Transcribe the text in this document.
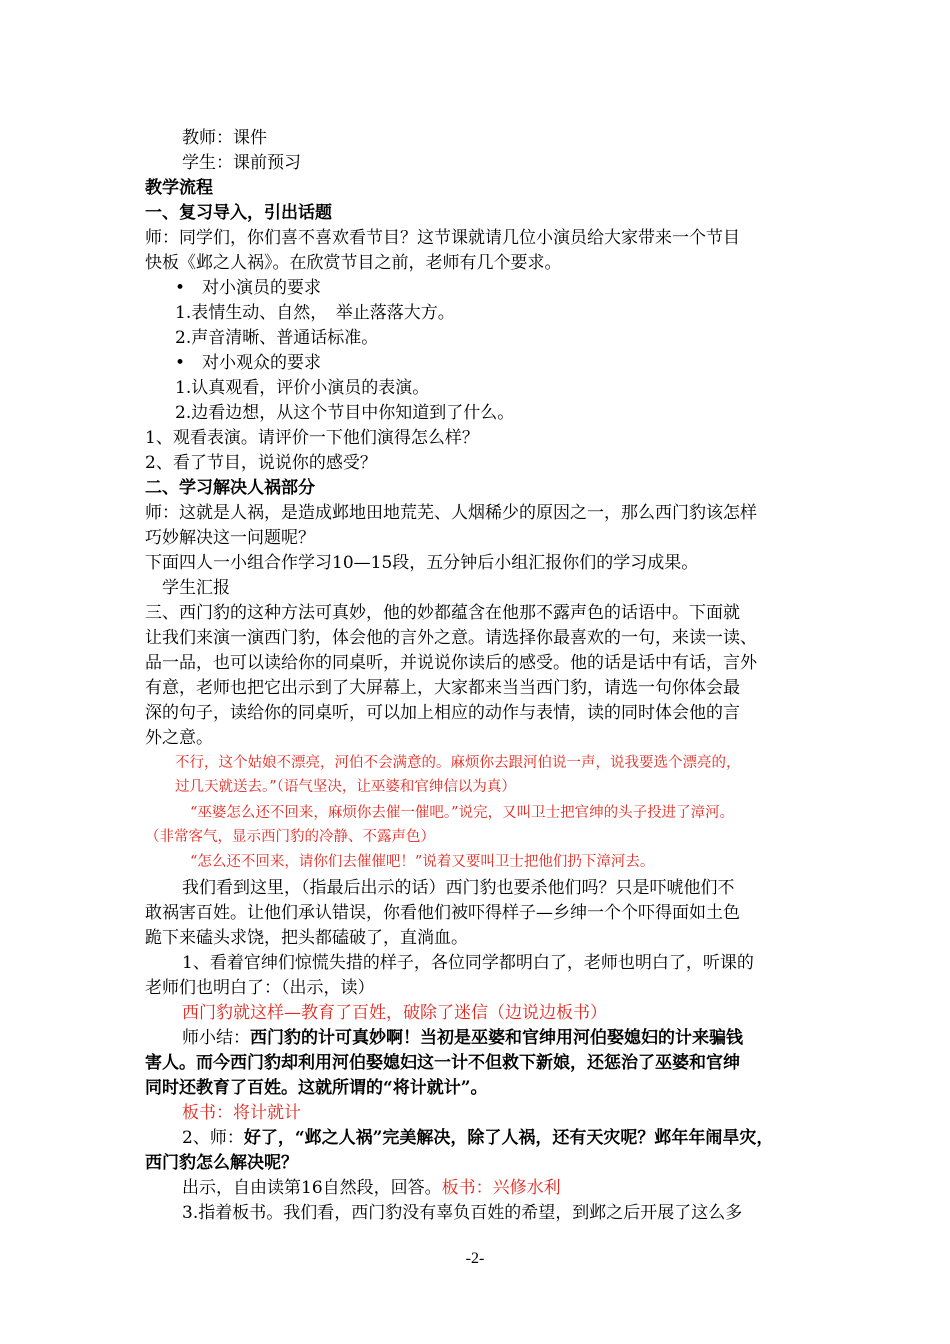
教师：课件
学生：课前预习
教学流程
一、复习导入，引出话题
师：同学们，你们喜不喜欢看节目？这节课就请几位小演员给大家带来一个节目
快板《邺之人祸》。在欣赏节目之前，老师有几个要求。
•　对小演员的要求
1.表情生动、自然，　举止落落大方。
2.声音清晰、普通话标准。
•　对小观众的要求
1.认真观看，评价小演员的表演。
2.边看边想，从这个节目中你知道到了什么。
1、观看表演。请评价一下他们演得怎么样？
2、看了节目，说说你的感受？
二、学习解决人祸部分
师：这就是人祸，是造成邺地田地荒芜、人烟稀少的原因之一，那么西门豹该怎样
巧妙解决这一问题呢？
下面四人一小组合作学习10—15段，五分钟后小组汇报你们的学习成果。
学生汇报
三、西门豹的这种方法可真妙，他的妙都蕴含在他那不露声色的话语中。下面就
让我们来演一演西门豹，体会他的言外之意。请选择你最喜欢的一句，来读一读、
品一品，也可以读给你的同桌听，并说说你读后的感受。他的话是话中有话，言外
有意，老师也把它出示到了大屏幕上，大家都来当当西门豹，请选一句你体会最
深的句子，读给你的同桌听，可以加上相应的动作与表情，读的同时体会他的言
外之意。
不行，这个姑娘不漂亮，河伯不会满意的。麻烦你去跟河伯说一声，说我要选个漂亮的，
过几天就送去。”（语气坚决，让巫婆和官绅信以为真）
“巫婆怎么还不回来，麻烦你去催一催吧。”说完，又叫卫士把官绅的头子投进了漳河。
（非常客气，显示西门豹的冷静、不露声色）
“怎么还不回来，请你们去催催吧！”说着又要叫卫士把他们扔下漳河去。
我们看到这里，（指最后出示的话）西门豹也要杀他们吗？只是吓唬他们不
敢祸害百姓。让他们承认错误，你看他们被吓得样子—乡绅一个个吓得面如土色
跪下来磕头求饶，把头都磕破了，直淌血。
1、看着官绅们惊慌失措的样子，各位同学都明白了，老师也明白了，听课的
老师们也明白了：（出示，读）
西门豹就这样—教育了百姓，破除了迷信（边说边板书）
师小结：西门豹的计可真妙啊！当初是巫婆和官绅用河伯娶媳妇的计来骗钱
害人。而今西门豹却利用河伯娶媳妇这一计不但救下新娘，还惩治了巫婆和官绅
同时还教育了百姓。这就所谓的“将计就计”。
板书：将计就计
2、师：好了，“邺之人祸”完美解决，除了人祸，还有天灾呢？邺年年闹旱灾，
西门豹怎么解决呢？
出示，自由读第16自然段，回答。板书：兴修水利
3.指着板书。我们看，西门豹没有辜负百姓的希望，到邺之后开展了这么多
-2-
